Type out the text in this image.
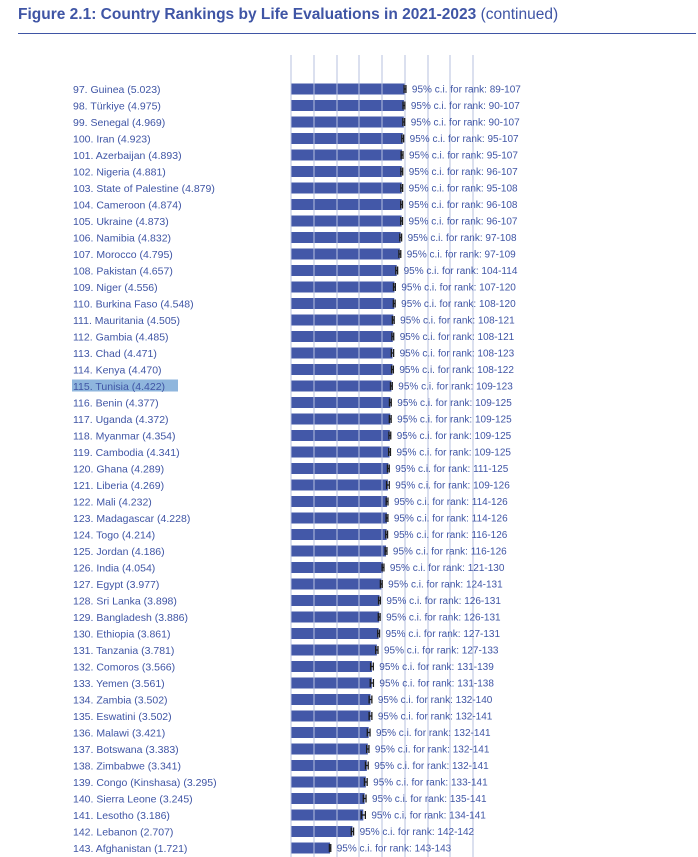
Figure 2.1: Country Rankings by Life Evaluations in 2021-2023 (continued)
97. Guinea (5.023)	95% c.i. for rank: 89-107
98. Türkiye (4.975)	95% c.i. for rank: 90-107
99. Senegal (4.969)	95% c.i. for rank: 90-107
100. Iran (4.923)	95% c.i. for rank: 95-107
101. Azerbaijan (4.893)	95% c.i. for rank: 95-107
102. Nigeria (4.881)	95% c.i. for rank: 96-107
103. State of Palestine (4.879)	95% c.i. for rank: 95-108
104. Cameroon (4.874)	95% c.i. for rank: 96-108
105. Ukraine (4.873)	95% c.i. for rank: 96-107
106. Namibia (4.832)	95% c.i. for rank: 97-108
107. Morocco (4.795)	95% c.i. for rank: 97-109
108. Pakistan (4.657)	95% c.i. for rank: 104-114
109. Niger (4.556)	95% c.i. for rank: 107-120
110. Burkina Faso (4.548)	95% c.i. for rank: 108-120
111. Mauritania (4.505)	95% c.i. for rank: 108-121
112. Gambia (4.485)	95% c.i. for rank: 108-121
113. Chad (4.471)	95% c.i. for rank: 108-123
114. Kenya (4.470)	95% c.i. for rank: 108-122
115. Tunisia (4.422)	95% c.i. for rank: 109-123
116. Benin (4.377)	95% c.i. for rank: 109-125
117. Uganda (4.372)	95% c.i. for rank: 109-125
118. Myanmar (4.354)	95% c.i. for rank: 109-125
119. Cambodia (4.341)	95% c.i. for rank: 109-125
120. Ghana (4.289)	95% c.i. for rank: 111-125
121. Liberia (4.269)	95% c.i. for rank: 109-126
122. Mali (4.232)	95% c.i. for rank: 114-126
123. Madagascar (4.228)	95% c.i. for rank: 114-126
124. Togo (4.214)	95% c.i. for rank: 116-126
125. Jordan (4.186)	95% c.i. for rank: 116-126
126. India (4.054)	95% c.i. for rank: 121-130
127. Egypt (3.977)	95% c.i. for rank: 124-131
128. Sri Lanka (3.898)	95% c.i. for rank: 126-131
129. Bangladesh (3.886)	95% c.i. for rank: 126-131
130. Ethiopia (3.861)	95% c.i. for rank: 127-131
131. Tanzania (3.781)	95% c.i. for rank: 127-133
132. Comoros (3.566)	95% c.i. for rank: 131-139
133. Yemen (3.561)	95% c.i. for rank: 131-138
134. Zambia (3.502)	95% c.i. for rank: 132-140
135. Eswatini (3.502)	95% c.i. for rank: 132-141
136. Malawi (3.421)	95% c.i. for rank: 132-141
137. Botswana (3.383)	95% c.i. for rank: 132-141
138. Zimbabwe (3.341)	95% c.i. for rank: 132-141
139. Congo (Kinshasa) (3.295)	95% c.i. for rank: 133-141
140. Sierra Leone (3.245)	95% c.i. for rank: 135-141
141. Lesotho (3.186)	95% c.i. for rank: 134-141
142. Lebanon (2.707)	95% c.i. for rank: 142-142
143. Afghanistan (1.721)	95% c.i. for rank: 143-143
